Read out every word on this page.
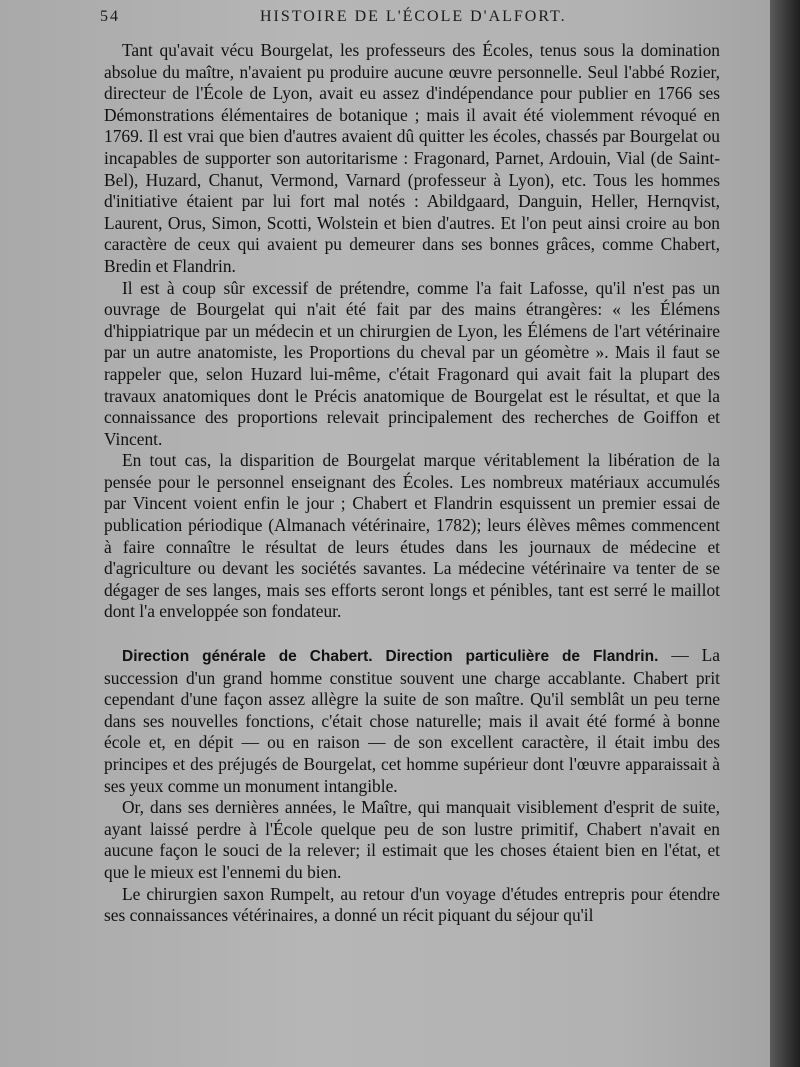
54	HISTOIRE DE L'ÉCOLE D'ALFORT.

Tant qu'avait vécu Bourgelat, les professeurs des Écoles, tenus sous la domination absolue du maître, n'avaient pu produire aucune œuvre personnelle. Seul l'abbé Rozier, directeur de l'École de Lyon, avait eu assez d'indépendance pour publier en 1766 ses Démonstrations élémentaires de botanique ; mais il avait été violemment révoqué en 1769. Il est vrai que bien d'autres avaient dû quitter les écoles, chassés par Bourgelat ou incapables de supporter son autoritarisme : Fragonard, Parnet, Ardouin, Vial (de Saint-Bel), Huzard, Chanut, Vermond, Varnard (professeur à Lyon), etc. Tous les hommes d'initiative étaient par lui fort mal notés : Abildgaard, Danguin, Heller, Hernqvist, Laurent, Orus, Simon, Scotti, Wolstein et bien d'autres. Et l'on peut ainsi croire au bon caractère de ceux qui avaient pu demeurer dans ses bonnes grâces, comme Chabert, Bredin et Flandrin.

Il est à coup sûr excessif de prétendre, comme l'a fait Lafosse, qu'il n'est pas un ouvrage de Bourgelat qui n'ait été fait par des mains étrangères: « les Élémens d'hippiatrique par un médecin et un chirurgien de Lyon, les Élémens de l'art vétérinaire par un autre anatomiste, les Proportions du cheval par un géomètre ». Mais il faut se rappeler que, selon Huzard lui-même, c'était Fragonard qui avait fait la plupart des travaux anatomiques dont le Précis anatomique de Bourgelat est le résultat, et que la connaissance des proportions relevait principalement des recherches de Goiffon et Vincent.

En tout cas, la disparition de Bourgelat marque véritablement la libération de la pensée pour le personnel enseignant des Écoles. Les nombreux matériaux accumulés par Vincent voient enfin le jour ; Chabert et Flandrin esquissent un premier essai de publication périodique (Almanach vétérinaire, 1782); leurs élèves mêmes commencent à faire connaître le résultat de leurs études dans les journaux de médecine et d'agriculture ou devant les sociétés savantes. La médecine vétérinaire va tenter de se dégager de ses langes, mais ses efforts seront longs et pénibles, tant est serré le maillot dont l'a enveloppée son fondateur.

Direction générale de Chabert. Direction particulière de Flandrin. — La succession d'un grand homme constitue souvent une charge accablante. Chabert prit cependant d'une façon assez allègre la suite de son maître. Qu'il semblât un peu terne dans ses nouvelles fonctions, c'était chose naturelle; mais il avait été formé à bonne école et, en dépit — ou en raison — de son excellent caractère, il était imbu des principes et des préjugés de Bourgelat, cet homme supérieur dont l'œuvre apparaissait à ses yeux comme un monument intangible.

Or, dans ses dernières années, le Maître, qui manquait visiblement d'esprit de suite, ayant laissé perdre à l'École quelque peu de son lustre primitif, Chabert n'avait en aucune façon le souci de la relever; il estimait que les choses étaient bien en l'état, et que le mieux est l'ennemi du bien.

Le chirurgien saxon Rumpelt, au retour d'un voyage d'études entrepris pour étendre ses connaissances vétérinaires, a donné un récit piquant du séjour qu'il
